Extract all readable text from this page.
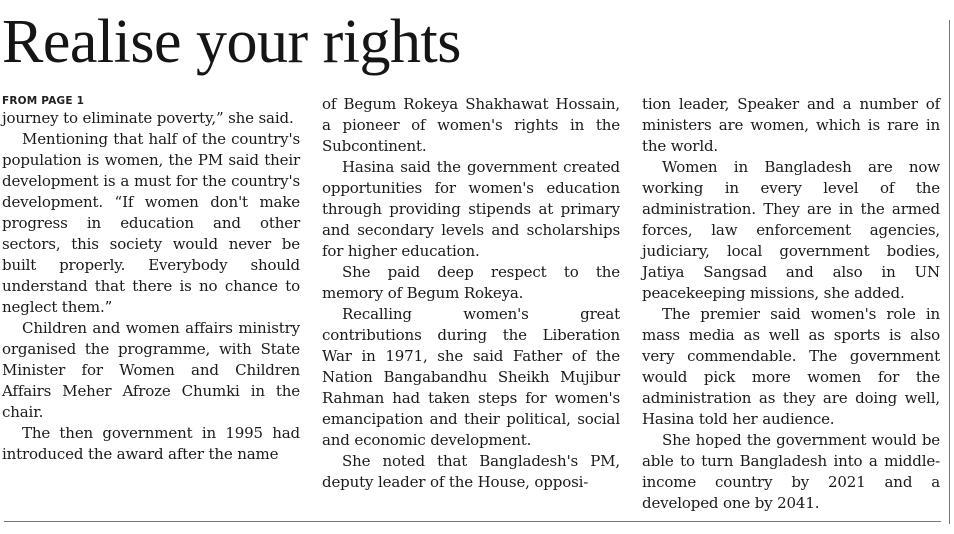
Realise your rights
FROM PAGE 1

journey to eliminate poverty,” she said.

Mentioning that half of the country's population is women, the PM said their development is a must for the country's development. “If women don't make progress in education and other sectors, this society would never be built properly. Everybody should understand that there is no chance to neglect them.”

Children and women affairs ministry organised the programme, with State Minister for Women and Children Affairs Meher Afroze Chumki in the chair.

The then government in 1995 had introduced the award after the name

of Begum Rokeya Shakhawat Hossain, a pioneer of women's rights in the Subcontinent.

Hasina said the government created opportunities for women's education through providing stipends at primary and secondary levels and scholarships for higher education.

She paid deep respect to the memory of Begum Rokeya.

Recalling women's great contributions during the Liberation War in 1971, she said Father of the Nation Bangabandhu Sheikh Mujibur Rahman had taken steps for women's emancipation and their political, social and economic development.

She noted that Bangladesh's PM, deputy leader of the House, opposi-

tion leader, Speaker and a number of ministers are women, which is rare in the world.

Women in Bangladesh are now working in every level of the administration. They are in the armed forces, law enforcement agencies, judiciary, local government bodies, Jatiya Sangsad and also in UN peacekeeping missions, she added.

The premier said women's role in mass media as well as sports is also very commendable. The government would pick more women for the administration as they are doing well, Hasina told her audience.

She hoped the government would be able to turn Bangladesh into a middle-income country by 2021 and a developed one by 2041.
